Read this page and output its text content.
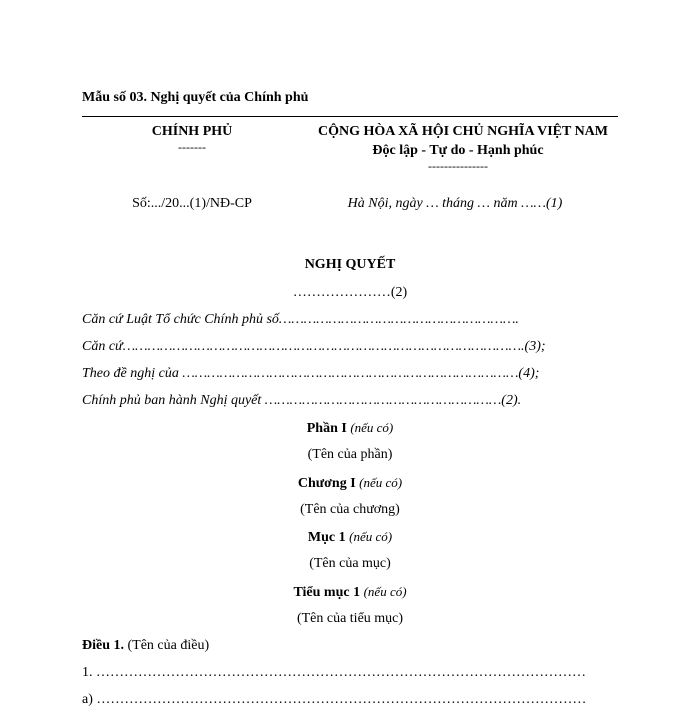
Mẫu số 03. Nghị quyết của Chính phủ
CHÍNH PHỦ
-------
Số:.../20...(1)/NĐ-CP
CỘNG HÒA XÃ HỘI CHỦ NGHĨA VIỆT NAM
Độc lập - Tự do - Hạnh phúc
---------------
Hà Nội, ngày … tháng … năm ……(1)
NGHỊ QUYẾT
…………………(2)
Căn cứ Luật Tổ chức Chính phủ số………………………………………………….
Căn cứ…………………………………………………………………………………….(3);
Theo đề nghị của ………………………………………………………………………(4);
Chính phủ ban hành Nghị quyết …………………………………………………(2).
Phần I (nếu có)
(Tên của phần)
Chương I (nếu có)
(Tên của chương)
Mục 1 (nếu có)
(Tên của mục)
Tiểu mục 1 (nếu có)
(Tên của tiểu mục)
Điều 1. (Tên của điều)
1. ……………………………………………………………………………………………
a) ……………………………………………………………………………………………
